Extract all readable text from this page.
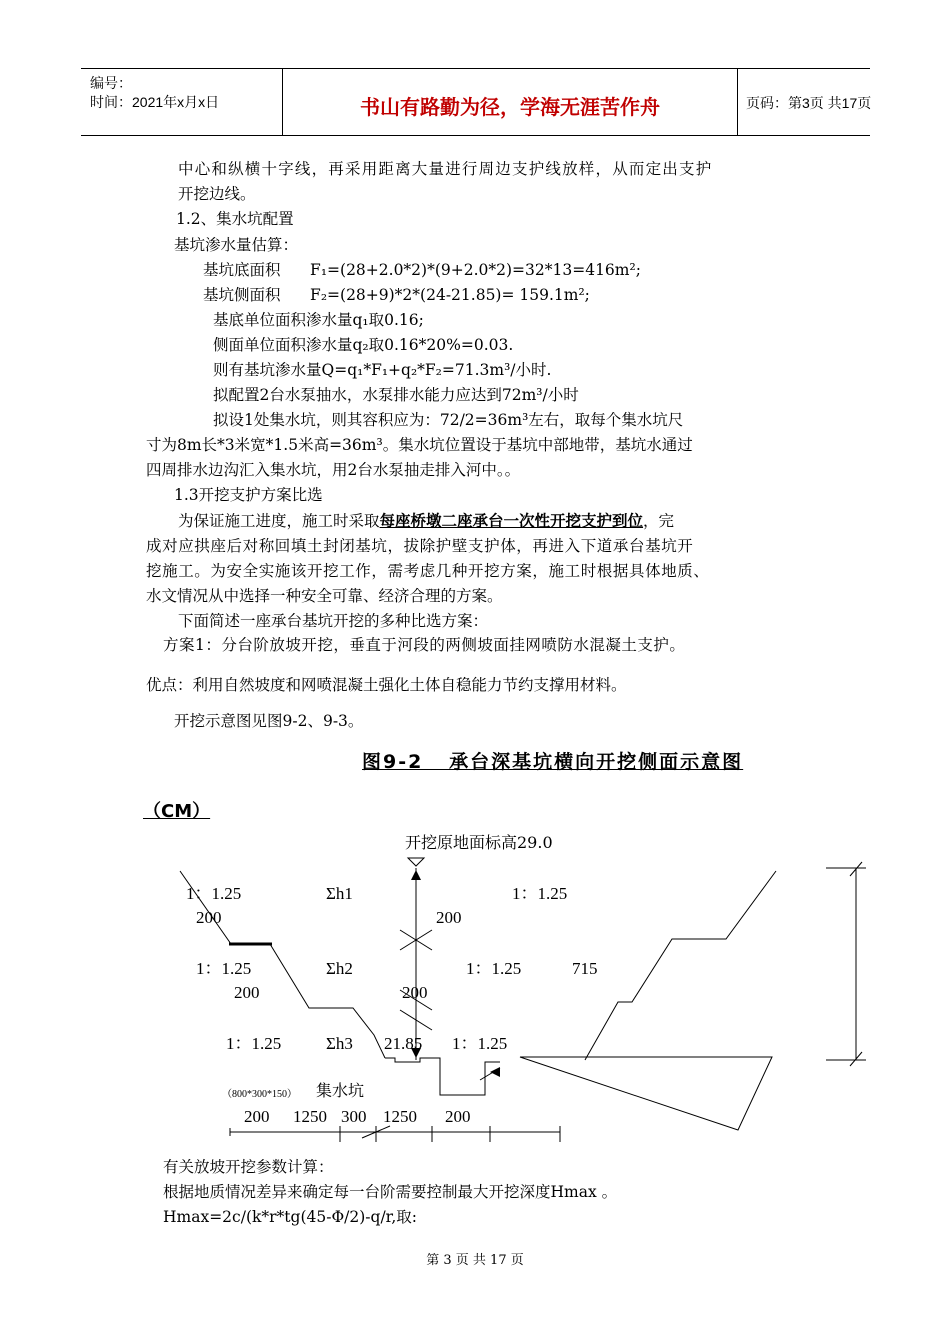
编号：
时间：2021年x月x日	书山有路勤为径，学海无涯苦作舟	页码：第3页 共17页
中心和纵横十字线，再采用距离大量进行周边支护线放样，从而定出支护
开挖边线。
1.2、集水坑配置
基坑渗水量估算：
基坑底面积      F₁=(28+2.0*2)*(9+2.0*2)=32*13=416m²;
基坑侧面积      F₂=(28+9)*2*(24-21.85)= 159.1m²;
基底单位面积渗水量q₁取0.16;
侧面单位面积渗水量q₂取0.16*20%=0.03.
则有基坑渗水量Q=q₁*F₁+q₂*F₂=71.3m³/小时.
拟配置2台水泵抽水，水泵排水能力应达到72m³/小时
拟设1处集水坑，则其容积应为：72/2=36m³左右，取每个集水坑尺
寸为8m长*3米宽*1.5米高=36m³。集水坑位置设于基坑中部地带，基坑水通过
四周排水边沟汇入集水坑，用2台水泵抽走排入河中。。
1.3开挖支护方案比选
为保证施工进度，施工时采取每座桥墩二座承台一次性开挖支护到位，完
成对应拱座后对称回填土封闭基坑，拔除护壁支护体，再进入下道承台基坑开
挖施工。为安全实施该开挖工作，需考虑几种开挖方案，施工时根据具体地质、
水文情况从中选择一种安全可靠、经济合理的方案。
下面简述一座承台基坑开挖的多种比选方案：
方案1：分台阶放坡开挖，垂直于河段的两侧坡面挂网喷防水混凝土支护。
优点：利用自然坡度和网喷混凝土强化土体自稳能力节约支撑用材料。
开挖示意图见图9-2、9-3。
图9-2   承台深基坑横向开挖侧面示意图
（CM）
开挖原地面标高29.0
1：1.25	Σh1	1：1.25
200	200
1：1.25	Σh2	1：1.25	715
200	200
1：1.25	Σh3 21.85 1：1.25
（800*300*150） 集水坑
200 1250 300 1250 200
有关放坡开挖参数计算：
根据地质情况差异来确定每一台阶需要控制最大开挖深度Hmax 。
Hmax=2c/(k*r*tg(45-Φ/2)-q/r,取:
第 3 页 共 17 页
